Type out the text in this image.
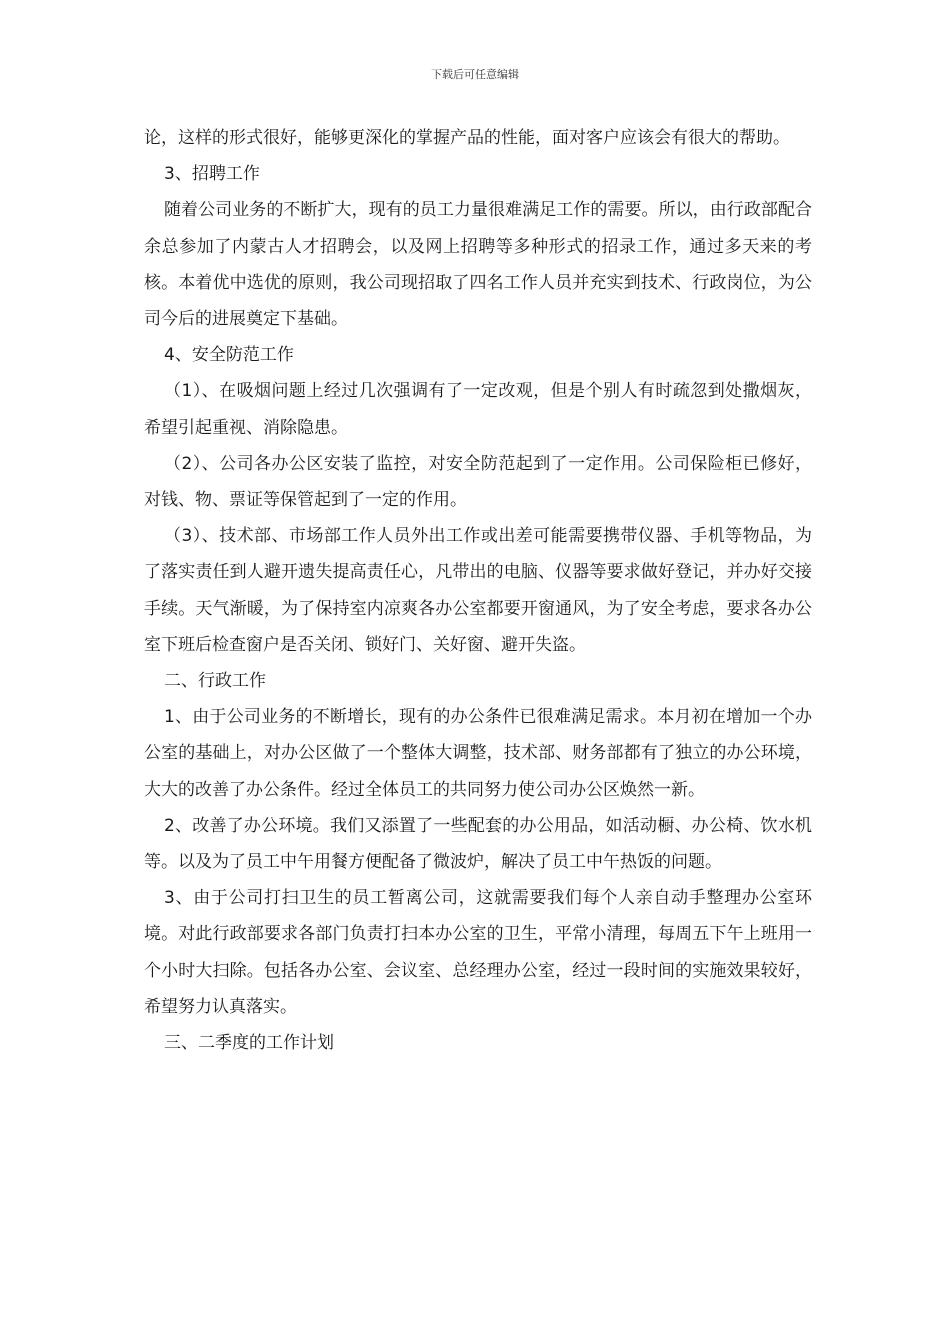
下载后可任意编辑

论，这样的形式很好，能够更深化的掌握产品的性能，面对客户应该会有很大的帮助。

3、招聘工作

随着公司业务的不断扩大，现有的员工力量很难满足工作的需要。所以，由行政部配合余总参加了内蒙古人才招聘会，以及网上招聘等多种形式的招录工作，通过多天来的考核。本着优中选优的原则，我公司现招取了四名工作人员并充实到技术、行政岗位，为公司今后的进展奠定下基础。

4、安全防范工作

（1）、在吸烟问题上经过几次强调有了一定改观，但是个别人有时疏忽到处撒烟灰，希望引起重视、消除隐患。

（2）、公司各办公区安装了监控，对安全防范起到了一定作用。公司保险柜已修好，对钱、物、票证等保管起到了一定的作用。

（3）、技术部、市场部工作人员外出工作或出差可能需要携带仪器、手机等物品，为了落实责任到人避开遗失提高责任心，凡带出的电脑、仪器等要求做好登记，并办好交接手续。天气渐暖，为了保持室内凉爽各办公室都要开窗通风，为了安全考虑，要求各办公室下班后检查窗户是否关闭、锁好门、关好窗、避开失盗。

二、行政工作

1、由于公司业务的不断增长，现有的办公条件已很难满足需求。本月初在增加一个办公室的基础上，对办公区做了一个整体大调整，技术部、财务部都有了独立的办公环境，大大的改善了办公条件。经过全体员工的共同努力使公司办公区焕然一新。

2、改善了办公环境。我们又添置了一些配套的办公用品，如活动橱、办公椅、饮水机等。以及为了员工中午用餐方便配备了微波炉，解决了员工中午热饭的问题。

3、由于公司打扫卫生的员工暂离公司，这就需要我们每个人亲自动手整理办公室环境。对此行政部要求各部门负责打扫本办公室的卫生，平常小清理，每周五下午上班用一个小时大扫除。包括各办公室、会议室、总经理办公室，经过一段时间的实施效果较好，希望努力认真落实。

三、二季度的工作计划
